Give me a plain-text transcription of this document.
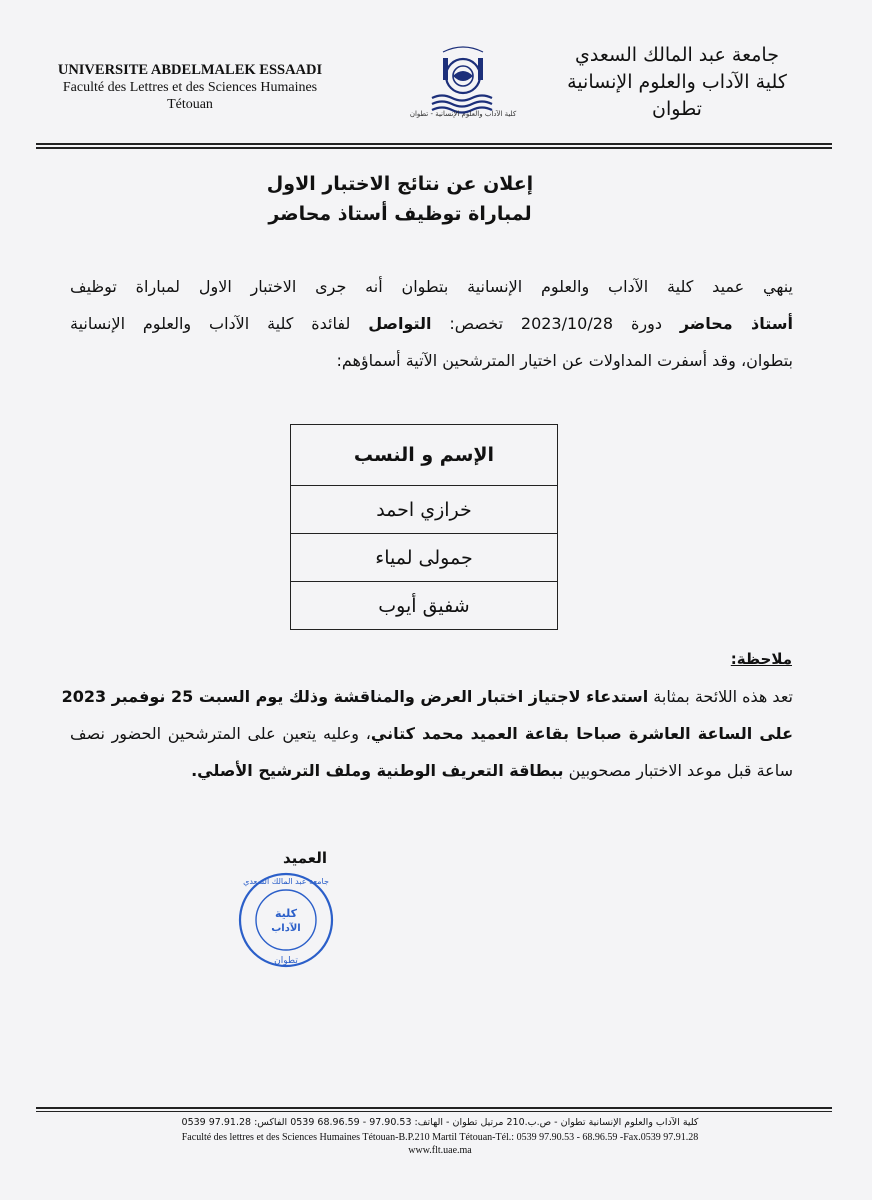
UNIVERSITE ABDELMALEK ESSAADI
Faculté des Lettres et des Sciences Humaines
Tétouan
كلية الآداب والعلوم الإنسانية - تطوان
جامعة عبد المالك السعدي
كلية الآداب والعلوم الإنسانية
تطوان
إعلان عن نتائج الاختبار الاول
لمباراة توظيف أستاذ محاضر
ينهي عميد كلية الآداب والعلوم الإنسانية بتطوان أنه جرى الاختبار الاول لمباراة توظيف
أستاذ محاضر دورة 2023/10/28 تخصص: التواصل لفائدة كلية الآداب والعلوم الإنسانية
بتطوان، وقد أسفرت المداولات عن اختيار المترشحين الآتية أسماؤهم:
الإسم و النسب
خرازي احمد
جمولى لمياء
شفيق أيوب
ملاحظة:
تعد هذه اللائحة بمثابة استدعاء لاجتياز اختبار العرض والمناقشة وذلك يوم السبت 25 نوفمبر 2023
على الساعة العاشرة صباحا بقاعة العميد محمد كتاني، وعليه يتعين على المترشحين الحضور نصف
ساعة قبل موعد الاختبار مصحوبين ببطاقة التعريف الوطنية وملف الترشيح الأصلي.
العميد
كلية
الآداب
جامعة عبد المالك السعدي
تطوان
كلية الآداب والعلوم الإنسانية تطوان - ص.ب.210 مرتيل تطوان - الهاتف: 97.90.53 - 68.96.59 0539 الفاكس: 97.91.28 0539
Faculté des lettres et des Sciences Humaines Tétouan-B.P.210 Martil Tétouan-Tél.: 0539 97.90.53 - 68.96.59 -Fax.0539 97.91.28
www.flt.uae.ma
